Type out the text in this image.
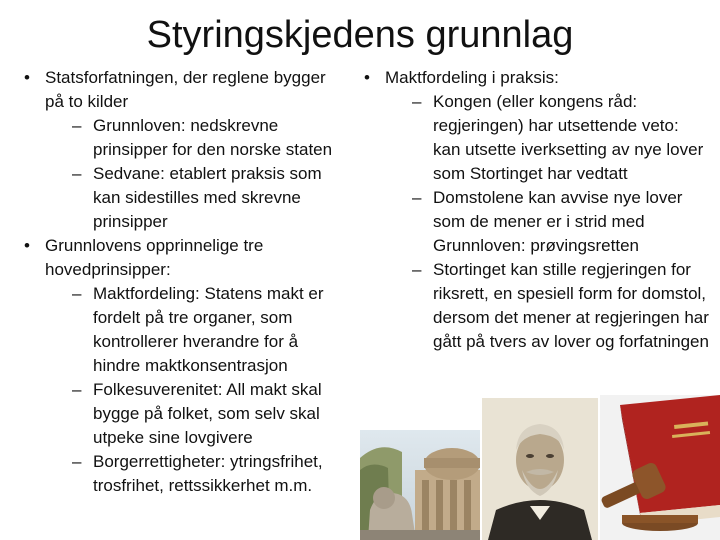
Styringskjedens grunnlag

• Statsforfatningen, der reglene bygger på to kilder

– Grunnloven: nedskrevne prinsipper for den norske staten

– Sedvane: etablert praksis som kan sidestilles med skrevne prinsipper

• Grunnlovens opprinnelige tre hovedprinsipper:

– Maktfordeling: Statens makt er fordelt på tre organer, som kontrollerer hverandre for å hindre maktkonsentrasjon

– Folkesuverenitet: All makt skal bygge på folket, som selv skal utpeke sine lovgivere

– Borgerrettigheter: ytringsfrihet, trosfrihet, rettssikkerhet m.m.

• Maktfordeling i praksis:

– Kongen (eller kongens råd: regjeringen) har utsettende veto: kan utsette iverksetting av nye lover som Stortinget har vedtatt

– Domstolene kan avvise nye lover som de mener er i strid med Grunnloven: prøvingsretten

– Stortinget kan stille regjeringen for riksrett, en spesiell form for domstol, dersom det mener at regjeringen har gått på tvers av lover og forfatningen
